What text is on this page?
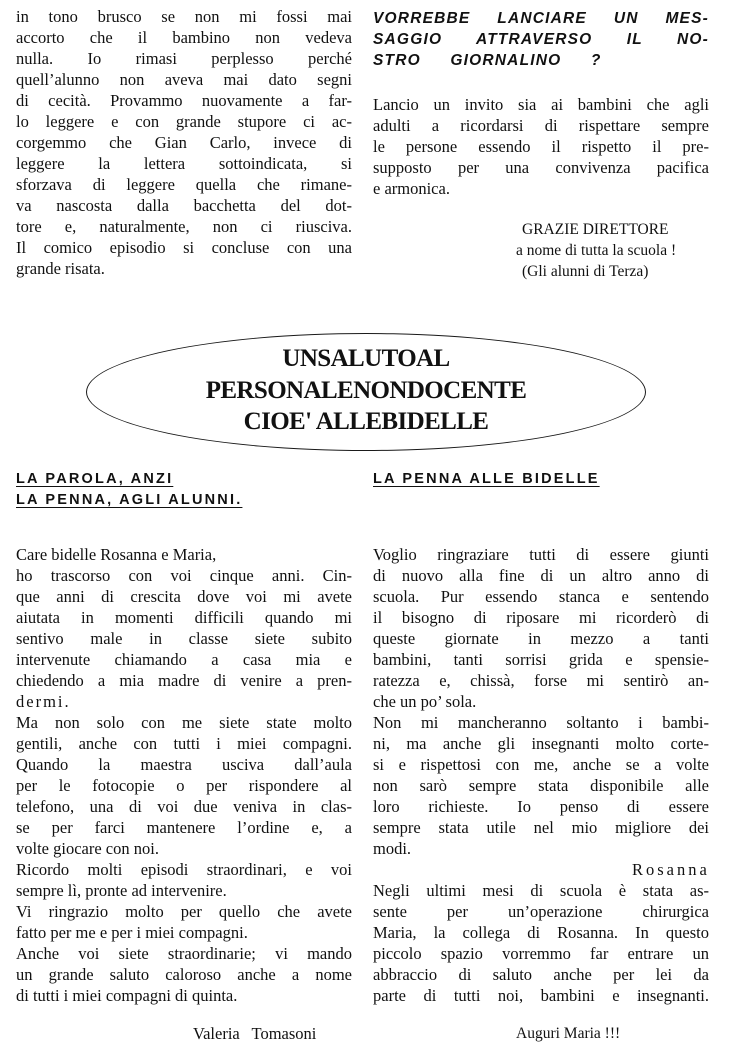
in tono brusco se non mi fossi mai
accorto che il bambino non vedeva
nulla. Io rimasi perplesso perché
quell’alunno non aveva mai dato segni
di cecità. Provammo nuovamente a far-
lo leggere e con grande stupore ci ac-
corgemmo che Gian Carlo, invece di
leggere la lettera sottoindicata, si
sforzava di leggere quella che rimane-
va nascosta dalla bacchetta del dot-
tore e, naturalmente, non ci riusciva.
Il comico episodio si concluse con una
grande risata.
VORREBBE LANCIARE UN MES-
SAGGIO ATTRAVERSO IL NO-
STRO GIORNALINO ?
Lancio un invito sia ai bambini che agli
adulti a ricordarsi di rispettare sempre
le persone essendo il rispetto il pre-
supposto per una convivenza pacifica
e armonica.
GRAZIE DIRETTORE
a nome di tutta la scuola !
(Gli alunni di Terza)
UNSALUTOAL
PERSONALENONDOCENTE
CIOE' ALLEBIDELLE
LA PAROLA, ANZI
LA PENNA, AGLI ALUNNI.
Care bidelle Rosanna e Maria,
ho trascorso con voi cinque anni. Cin-
que anni di crescita dove voi mi avete
aiutata in momenti difficili quando mi
sentivo male in classe siete subito
intervenute chiamando a casa mia e
chiedendo a mia madre di venire a pren-
dermi.
Ma non solo con me siete state molto
gentili, anche con tutti i miei compagni.
Quando la maestra usciva dall’aula
per le fotocopie o per rispondere al
telefono, una di voi due veniva in clas-
se per farci mantenere l’ordine e, a
volte giocare con noi.
Ricordo molti episodi straordinari, e voi
sempre lì, pronte ad intervenire.
Vi ringrazio molto per quello che avete
fatto per me e per i miei compagni.
Anche voi siete straordinarie; vi mando
un grande saluto caloroso anche a nome
di tutti i miei compagni di quinta.
Valeria Tomasoni
LA PENNA ALLE BIDELLE
Voglio ringraziare tutti di essere giunti
di nuovo alla fine di un altro anno di
scuola. Pur essendo stanca e sentendo
il bisogno di riposare mi ricorderò di
queste giornate in mezzo a tanti
bambini, tanti sorrisi grida e spensie-
ratezza e, chissà, forse mi sentirò an-
che un po’ sola.
Non mi mancheranno soltanto i bambi-
ni, ma anche gli insegnanti molto corte-
si e rispettosi con me, anche se a volte
non sarò sempre stata disponibile alle
loro richieste. Io penso di essere
sempre stata utile nel mio migliore dei
modi.
Rosanna
Negli ultimi mesi di scuola è stata as-
sente per un’operazione chirurgica
Maria, la collega di Rosanna. In questo
piccolo spazio vorremmo far entrare un
abbraccio di saluto anche per lei da
parte di tutti noi, bambini e insegnanti.
Auguri Maria !!!
